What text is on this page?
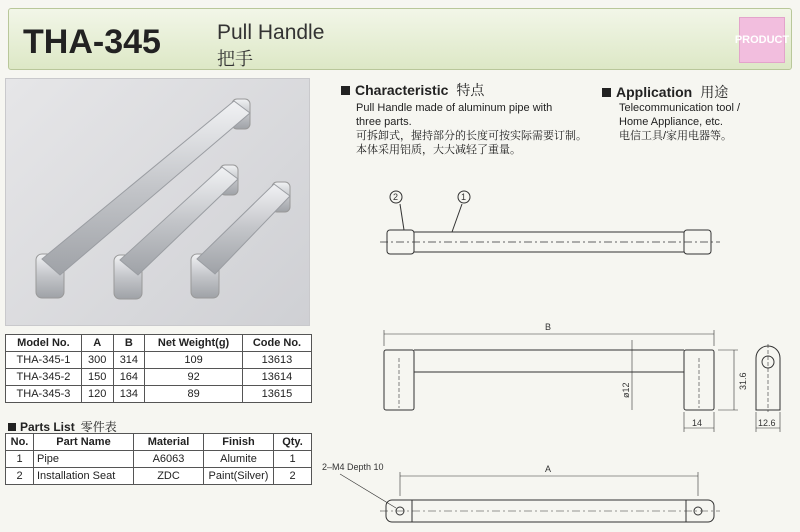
THA-345	Pull Handle
把手
PRODUCT
Model No.	A	B	Net Weight(g)	Code No.
THA-345-1	300	314	109	13613
THA-345-2	150	164	92	13614
THA-345-3	120	134	89	13615
Parts List 零件表
No.	Part Name	Material	Finish	Qty.
1	Pipe	A6063	Alumite	1
2	Installation Seat	ZDC	Paint(Silver)	2
Characteristic 特点
Pull Handle made of aluminum pipe with
three parts.
可拆卸式，握持部分的长度可按实际需要订制。
本体采用铝质，大大减轻了重量。
Application 用途
Telecommunication tool /
Home Appliance, etc.
电信工具/家用电器等。
2	1
B
ø12
31.6
14	12.6
A
2–M4 Depth 10
